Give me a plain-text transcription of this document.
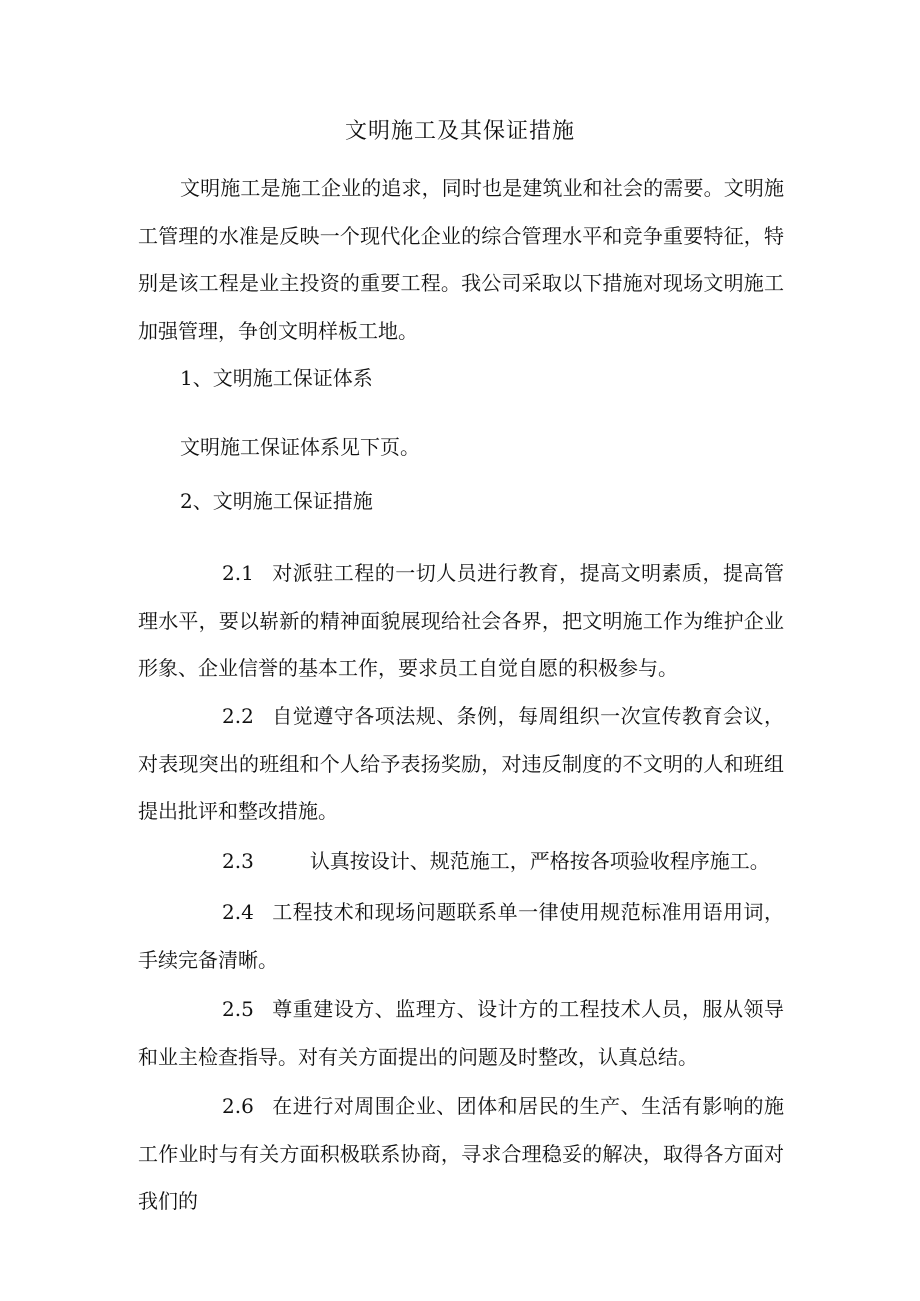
文明施工及其保证措施

文明施工是施工企业的追求，同时也是建筑业和社会的需要。文明施工管理的水准是反映一个现代化企业的综合管理水平和竞争重要特征，特别是该工程是业主投资的重要工程。我公司采取以下措施对现场文明施工加强管理，争创文明样板工地。

1、文明施工保证体系

文明施工保证体系见下页。

2、文明施工保证措施

2.1 对派驻工程的一切人员进行教育，提高文明素质，提高管理水平，要以崭新的精神面貌展现给社会各界，把文明施工作为维护企业形象、企业信誉的基本工作，要求员工自觉自愿的积极参与。

2.2 自觉遵守各项法规、条例，每周组织一次宣传教育会议，对表现突出的班组和个人给予表扬奖励，对违反制度的不文明的人和班组提出批评和整改措施。

2.3	认真按设计、规范施工，严格按各项验收程序施工。

2.4 工程技术和现场问题联系单一律使用规范标准用语用词，手续完备清晰。

2.5 尊重建设方、监理方、设计方的工程技术人员，服从领导和业主检查指导。对有关方面提出的问题及时整改，认真总结。

2.6 在进行对周围企业、团体和居民的生产、生活有影响的施工作业时与有关方面积极联系协商，寻求合理稳妥的解决，取得各方面对我们的
